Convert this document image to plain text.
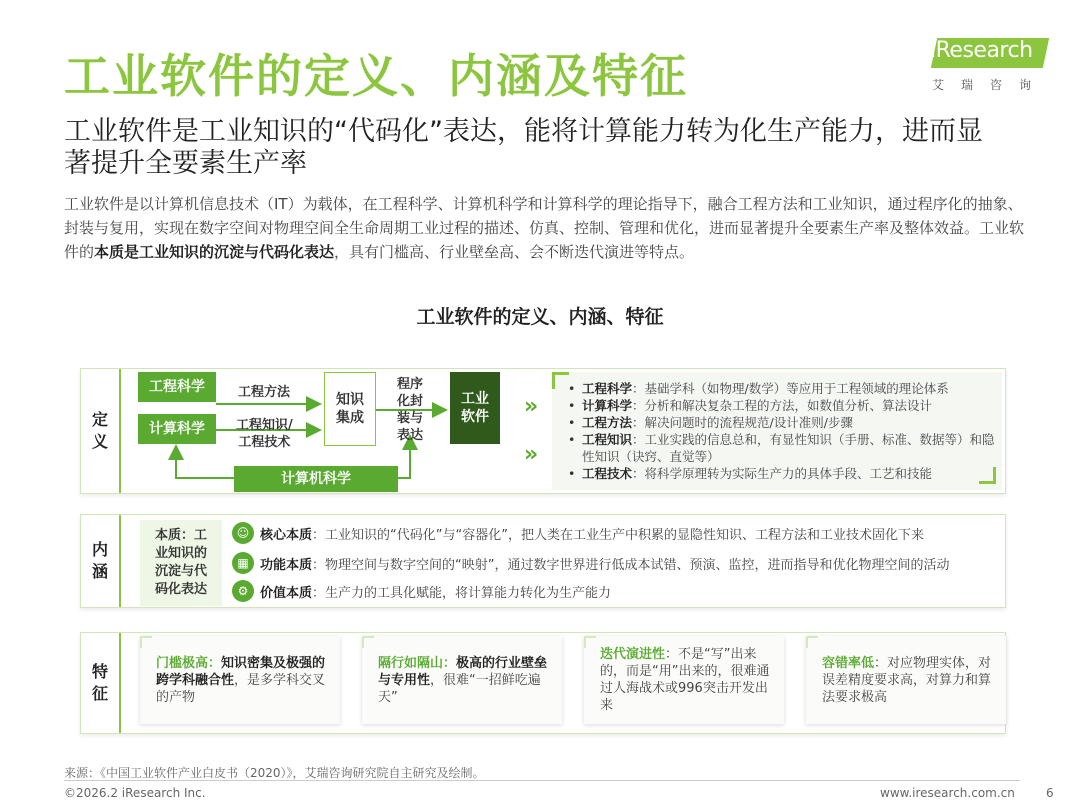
工业软件的定义、内涵及特征	iResearch
艾瑞咨询
工业软件是工业知识的“代码化”表达，能将计算能力转为化生产能力，进而显著提升全要素生产率
工业软件是以计算机信息技术（IT）为载体，在工程科学、计算机科学和计算科学的理论指导下，融合工程方法和工业知识，通过程序化的抽象、封装与复用，实现在数字空间对物理空间全生命周期工业过程的描述、仿真、控制、管理和优化，进而显著提升全要素生产率及整体效益。工业软件的本质是工业知识的沉淀与代码化表达，具有门槛高、行业壁垒高、会不断迭代演进等特点。
工业软件的定义、内涵、特征
定
义
工程科学
计算科学
计算机科学
工程方法
工程知识/
工程技术
知识
集成
程序
化封
装与
表达
工业
软件 »
»
• 工程科学：基础学科（如物理/数学）等应用于工程领域的理论体系
• 计算科学：分析和解决复杂工程的方法，如数值分析、算法设计
• 工程方法：解决问题时的流程规范/设计准则/步骤
• 工程知识：工业实践的信息总和，有显性知识（手册、标准、数据等）和隐性知识（诀窍、直觉等）
• 工程技术：将科学原理转为实际生产力的具体手段、工艺和技能
内
涵
本质：工
业知识的
沉淀与代
码化表达
☺ 核心本质 ：工业知识的“代码化”与“容器化”，把人类在工业生产中积累的显隐性知识、工程方法和工业技术固化下来
▦ 功能本质 ：物理空间与数字空间的“映射”，通过数字世界进行低成本试错、预演、监控，进而指导和优化物理空间的活动
⚙ 价值本质 ：生产力的工具化赋能，将计算能力转化为生产能力
特
征
门槛极高：知识密集及极强的跨学科融合性，是多学科交叉的产物
隔行如隔山：极高的行业壁垒与专用性，很难“一招鲜吃遍天”
迭代演进性：不是“写”出来的，而是“用”出来的，很难通过人海战术或996突击开发出来
容错率低：对应物理实体，对误差精度要求高，对算力和算法要求极高
来源：《中国工业软件产业白皮书（2020）》，艾瑞咨询研究院自主研究及绘制。
©2026.2 iResearch Inc.	www.iresearch.com.cn	6
